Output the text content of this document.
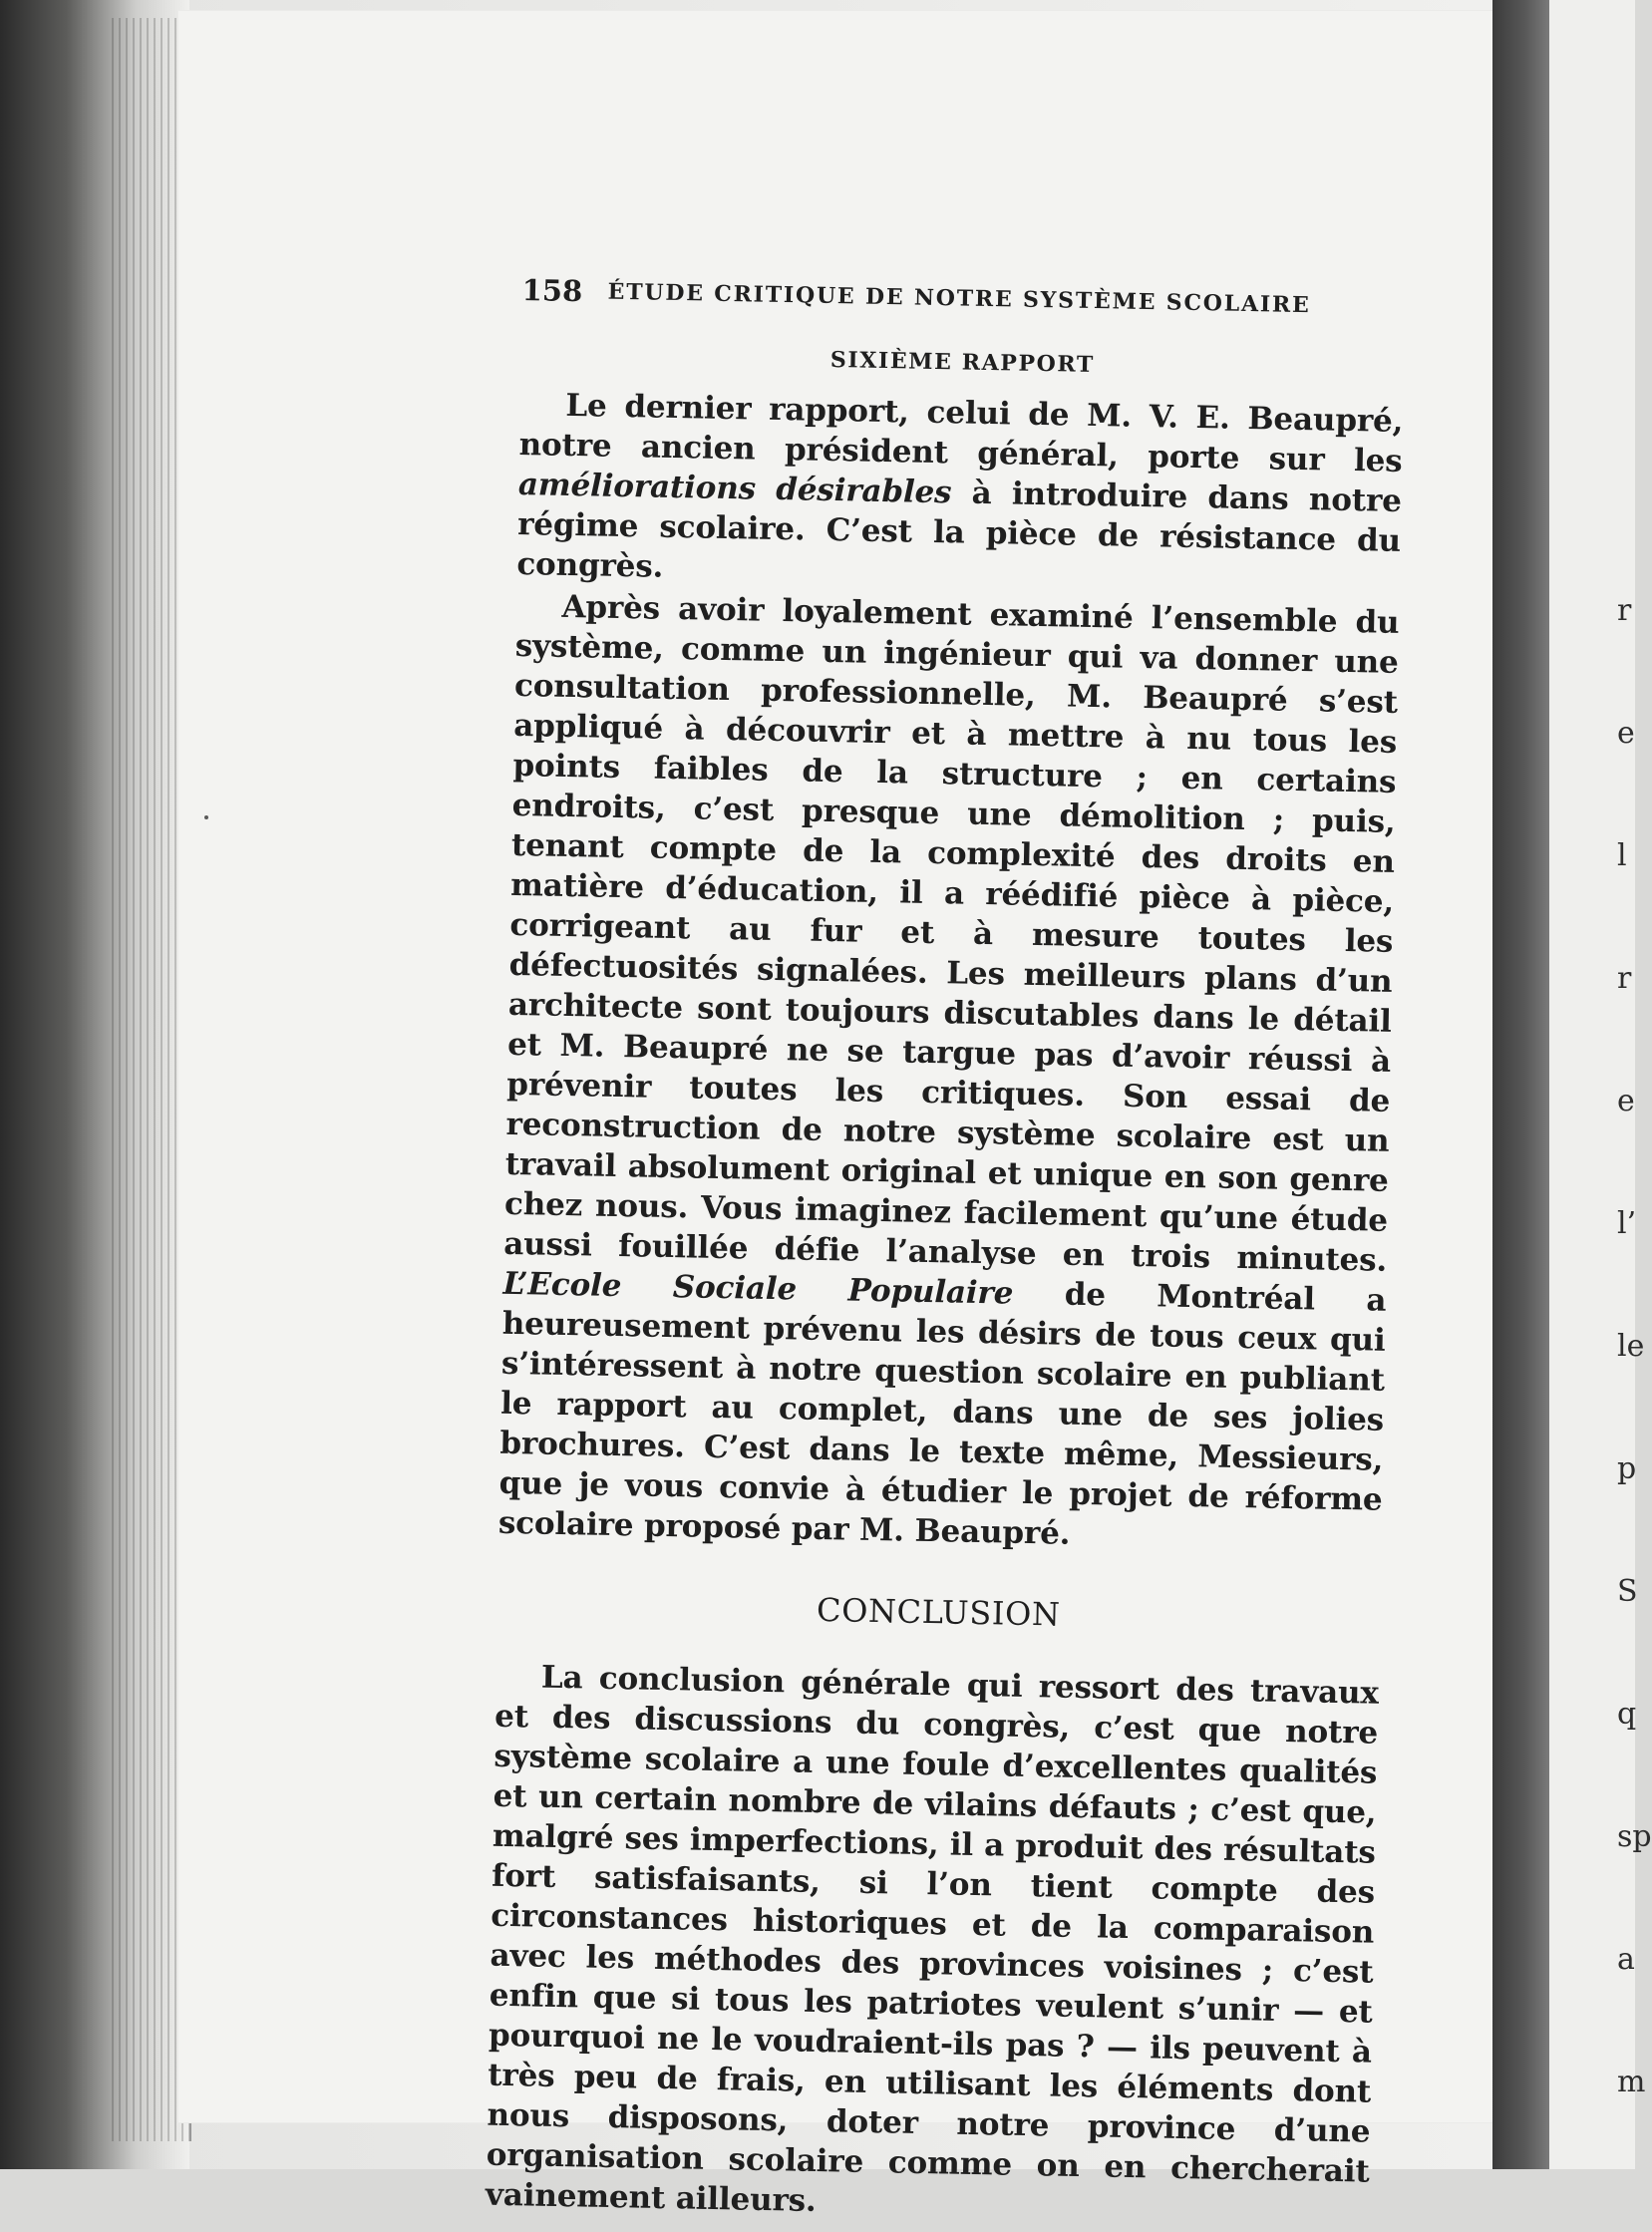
r

e

l

r

e

l’

le

p

S

q

sp

a

m

158 ÉTUDE CRITIQUE DE NOTRE SYSTÈME SCOLAIRE
SIXIÈME RAPPORT

Le dernier rapport, celui de M. V. E. Beaupré, notre ancien président général, porte sur les améliorations désirables à introduire dans notre régime scolaire. C’est la pièce de résistance du congrès.

Après avoir loyalement examiné l’ensemble du système, comme un ingénieur qui va donner une consultation professionnelle, M. Beaupré s’est appliqué à découvrir et à mettre à nu tous les points faibles de la structure ; en certains endroits, c’est presque une démolition ; puis, tenant compte de la complexité des droits en matière d’éducation, il a réédifié pièce à pièce, corrigeant au fur et à mesure toutes les défectuosités signalées. Les meilleurs plans d’un architecte sont toujours discutables dans le détail et M. Beaupré ne se targue pas d’avoir réussi à prévenir toutes les critiques. Son essai de reconstruction de notre système scolaire est un travail absolument original et unique en son genre chez nous. Vous imaginez facilement qu’une étude aussi fouillée défie l’analyse en trois minutes. L’Ecole Sociale Populaire de Montréal a heureusement prévenu les désirs de tous ceux qui s’intéressent à notre question scolaire en publiant le rapport au complet, dans une de ses jolies brochures. C’est dans le texte même, Messieurs, que je vous convie à étudier le projet de réforme scolaire proposé par M. Beaupré.

CONCLUSION

La conclusion générale qui ressort des travaux et des discussions du congrès, c’est que notre système scolaire a une foule d’excellentes qualités et un certain nombre de vilains défauts ; c’est que, malgré ses imperfections, il a produit des résultats fort satisfaisants, si l’on tient compte des circonstances historiques et de la comparaison avec les méthodes des provinces voisines ; c’est enfin que si tous les patriotes veulent s’unir — et pourquoi ne le voudraient-ils pas ? — ils peuvent à très peu de frais, en utilisant les éléments dont nous disposons, doter notre province d’une organisation scolaire comme on en chercherait vainement ailleurs.
